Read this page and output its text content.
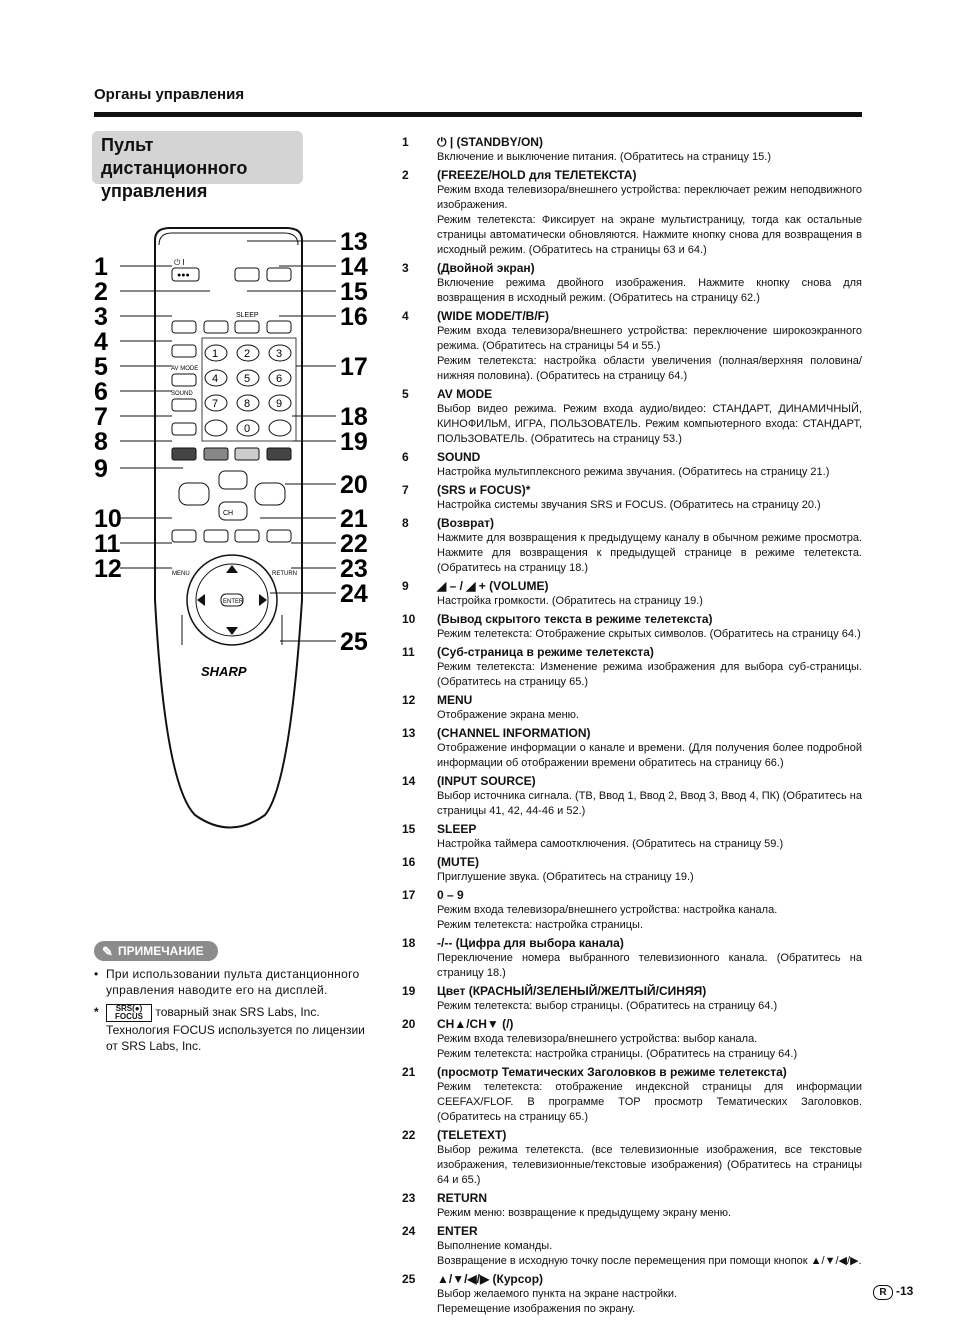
Органы управления
Пульт дистанционного
управления
⏻ I
●●●
SLEEP
AV MODE
SOUND
1 2 3
4 5 6
7 8 9
0
CH
MENU	RETURN
ENTER
SHARP
1
2
3
4
5
6
7
8
9
10
11
12
13
14
15
16
17
18
19
20
21
22
23
24
25
✎ ПРИМЕЧАНИЕ
• При использовании пульта дистанционного управления наводите его на дисплей.
* SRS(●)
FOCUS товарный знак SRS Labs, Inc.
Технология FOCUS используется по лицензии от SRS Labs, Inc.
1 ⏻ | (STANDBY/ON)
Включение и выключение питания. (Обратитесь на страницу 15.)
2 (FREEZE/HOLD для ТЕЛЕТЕКСТА)
Режим входа телевизора/внешнего устройства: переключает режим неподвижного изображения.
Режим телетекста: Фиксирует на экране мультистраницу, тогда как остальные страницы автоматически обновляются. Нажмите кнопку снова для возвращения в исходный режим. (Обратитесь на страницы 63 и 64.)
3 (Двойной экран)
Включение режима двойного изображения. Нажмите кнопку снова для возвращения в исходный режим. (Обратитесь на страницу 62.)
4 (WIDE MODE/T/B/F)
Режим входа телевизора/внешнего устройства: переключение широкоэкранного режима. (Обратитесь на страницы 54 и 55.)
Режим телетекста: настройка области увеличения (полная/верхняя половина/нижняя половина). (Обратитесь на страницу 64.)
5 AV MODE
Выбор видео режима. Режим входа аудио/видео: СТАНДАРТ, ДИНАМИЧНЫЙ, КИНОФИЛЬМ, ИГРА, ПОЛЬЗОВАТЕЛЬ. Режим компьютерного входа: СТАНДАРТ, ПОЛЬЗОВАТЕЛЬ. (Обратитесь на страницу 53.)
6 SOUND
Настройка мультиплексного режима звучания. (Обратитесь на страницу 21.)
7 (SRS и FOCUS)*
Настройка системы звучания SRS и FOCUS. (Обратитесь на страницу 20.)
8 (Возврат)
Нажмите для возвращения к предыдущему каналу в обычном режиме просмотра. Нажмите для возвращения к предыдущей странице в режиме телетекста. (Обратитесь на страницу 18.)
9 ◢ – / ◢ + (VOLUME)
Настройка громкости. (Обратитесь на страницу 19.)
10 (Вывод скрытого текста в режиме телетекста)
Режим телетекста: Отображение скрытых символов. (Обратитесь на страницу 64.)
11 (Суб-страница в режиме телетекста)
Режим телетекста: Изменение режима изображения для выбора суб-страницы. (Обратитесь на страницу 65.)
12 MENU
Отображение экрана меню.
13 (CHANNEL INFORMATION)
Отображение информации о канале и времени. (Для получения более подробной информации об отображении времени обратитесь на страницу 66.)
14 (INPUT SOURCE)
Выбор источника сигнала. (ТВ, Ввод 1, Ввод 2, Ввод 3, Ввод 4, ПК) (Обратитесь на страницы 41, 42, 44-46 и 52.)
15 SLEEP
Настройка таймера самоотключения. (Обратитесь на страницу 59.)
16 (MUTE)
Приглушение звука. (Обратитесь на страницу 19.)
17 0 – 9
Режим входа телевизора/внешнего устройства: настройка канала.
Режим телетекста: настройка страницы.
18 -/-- (Цифра для выбора канала)
Переключение номера выбранного телевизионного канала. (Обратитесь на страницу 18.)
19 Цвет (КРАСНЫЙ/ЗЕЛЕНЫЙ/ЖЕЛТЫЙ/СИНЯЯ)
Режим телетекста: выбор страницы. (Обратитесь на страницу 64.)
20 CH▲/CH▼ (/)
Режим входа телевизора/внешнего устройства: выбор канала.
Режим телетекста: настройка страницы. (Обратитесь на страницу 64.)
21 (просмотр Тематических Заголовков в режиме телетекста)
Режим телетекста: отображение индексной страницы для информации CEEFAX/FLOF. В программе TOP просмотр Тематических Заголовков. (Обратитесь на страницу 65.)
22 (TELETEXT)
Выбор режима телетекста. (все телевизионные изображения, все текстовые изображения, телевизионные/текстовые изображения) (Обратитесь на страницы 64 и 65.)
23 RETURN
Режим меню: возвращение к предыдущему экрану меню.
24 ENTER
Выполнение команды.
Возвращение в исходную точку после перемещения при помощи кнопок ▲/▼/◀/▶.
25 ▲/▼/◀/▶ (Курсор)
Выбор желаемого пункта на экране настройки.
Перемещение изображения по экрану.
R -13
